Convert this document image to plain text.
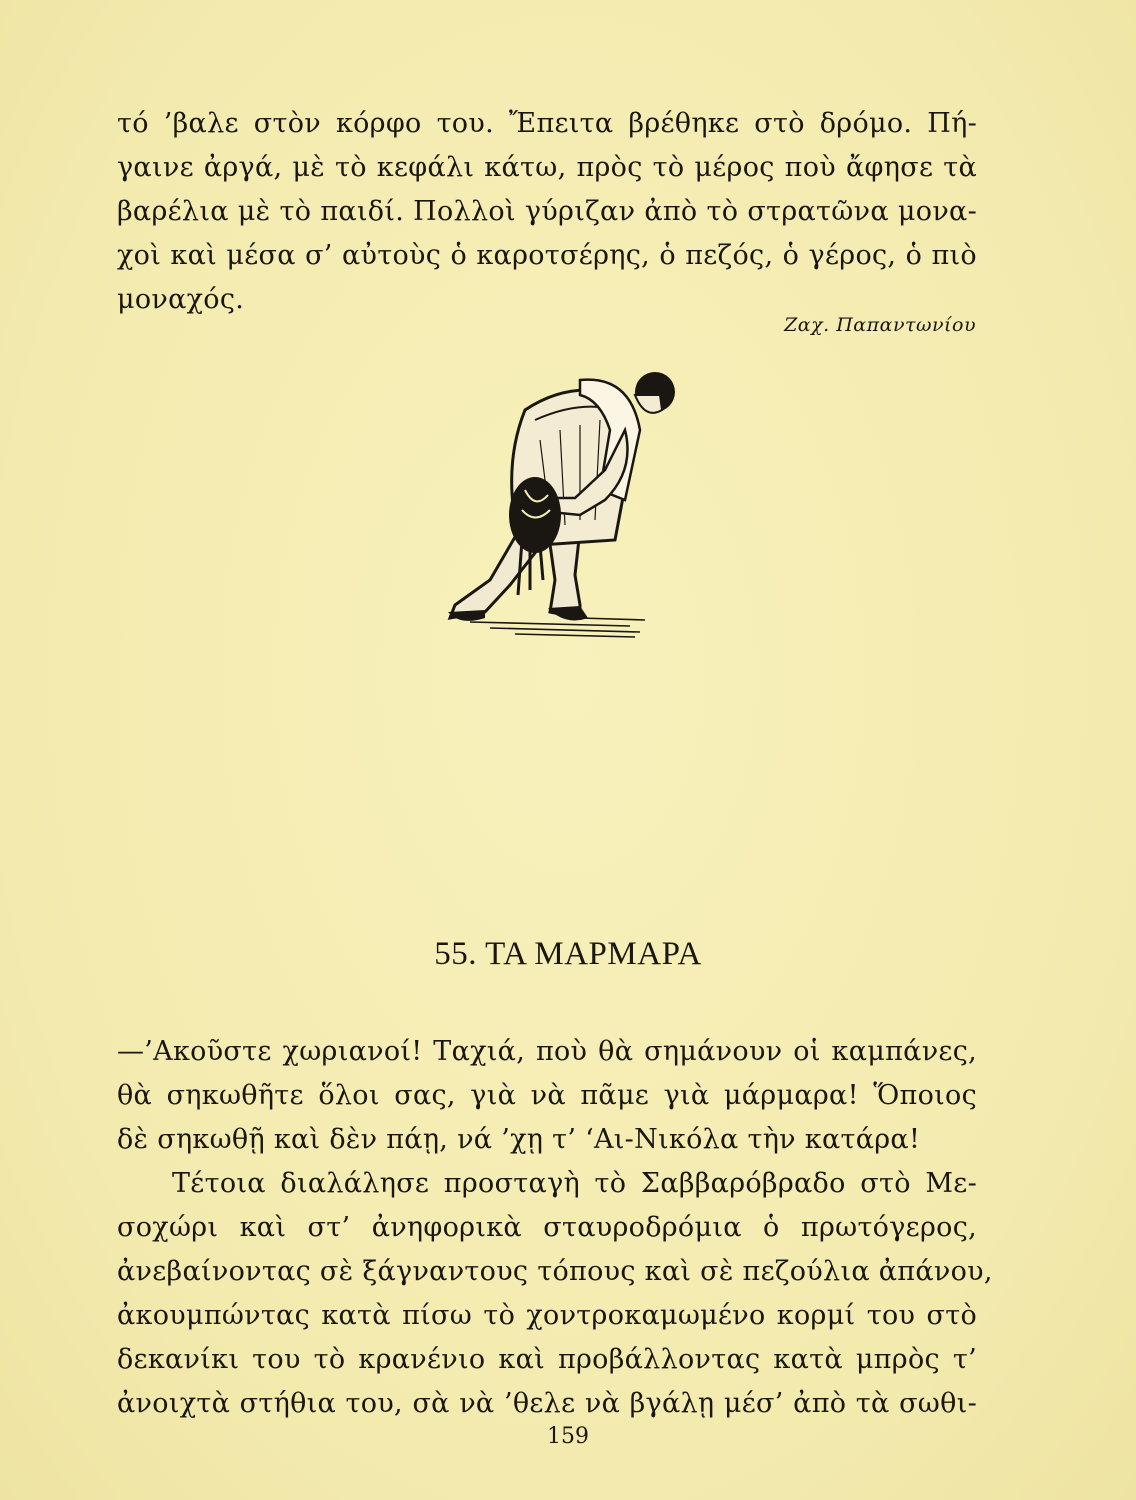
τό ’βαλε στὸν κόρφο του. Ἔπειτα βρέθηκε στὸ δρόμο. Πή-
γαινε ἀργά, μὲ τὸ κεφάλι κάτω, πρὸς τὸ μέρος ποὺ ἄφησε τὰ
βαρέλια μὲ τὸ παιδί. Πολλοὶ γύριζαν ἀπὸ τὸ στρατῶνα μονα-
χοὶ καὶ μέσα σ’ αὐτοὺς ὁ καροτσέρης, ὁ πεζός, ὁ γέρος, ὁ πιὸ
μοναχός.
Ζαχ. Παπαντωνίου
55. ΤΑ ΜΑΡΜΑΡΑ
—’Ακοῦστε χωριανοί! Ταχιά, ποὺ θὰ σημάνουν οἱ καμπάνες,
θὰ σηκωθῆτε ὅλοι σας, γιὰ νὰ πᾶμε γιὰ μάρμαρα! Ὅποιος
δὲ σηκωθῇ καὶ δὲν πάῃ, νά ’χῃ τ’ ‘Αι-Νικόλα τὴν κατάρα!
Τέτοια διαλάλησε προσταγὴ τὸ Σαββαρόβραδο στὸ Με-
σοχώρι καὶ στ’ ἀνηφορικὰ σταυροδρόμια ὁ πρωτόγερος,
ἀνεβαίνοντας σὲ ξάγναντους τόπους καὶ σὲ πεζούλια ἀπάνου,
ἀκουμπώντας κατὰ πίσω τὸ χοντροκαμωμένο κορμί του στὸ
δεκανίκι του τὸ κρανένιο καὶ προβάλλοντας κατὰ μπρὸς τ’
ἀνοιχτὰ στήθια του, σὰ νὰ ’θελε νὰ βγάλῃ μέσ’ ἀπὸ τὰ σωθι-
159
